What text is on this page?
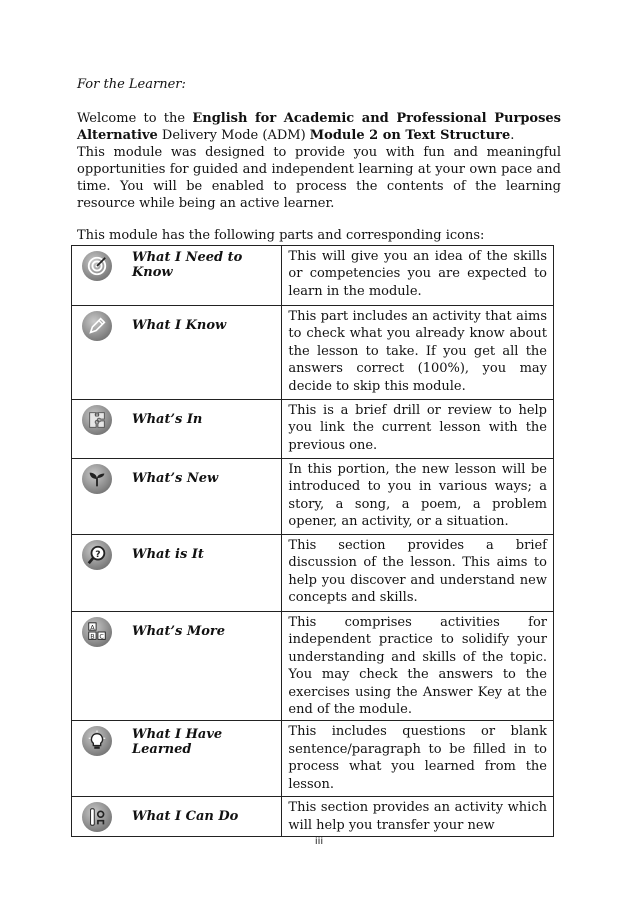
For the Learner:
Welcome to the English for Academic and Professional Purposes Alternative Delivery Mode (ADM) Module 2 on Text Structure.
This module was designed to provide you with fun and meaningful opportunities for guided and independent learning at your own pace and time. You will be enabled to process the contents of the learning resource while being an active learner.
This module has the following parts and corresponding icons:
What I Need to Know	This will give you an idea of the skills or competencies you are expected to learn in the module.

What I Know	This part includes an activity that aims to check what you already know about the lesson to take. If you get all the answers correct (100%), you may decide to skip this module.

What’s In	This is a brief drill or review to help you link the current lesson with the previous one.

What’s New	In this portion, the new lesson will be introduced to you in various ways; a story, a song, a poem, a problem opener, an activity, or a situation.

? What is It	This section provides a brief discussion of the lesson. This aims to help you discover and understand new concepts and skills.

A
B C What’s More	This comprises activities for independent practice to solidify your understanding and skills of the topic. You may check the answers to the exercises using the Answer Key at the end of the module.

What I Have Learned	This includes questions or blank sentence/paragraph to be filled in to process what you learned from the lesson.

What I Can Do	This section provides an activity which will help you transfer your new
iii
